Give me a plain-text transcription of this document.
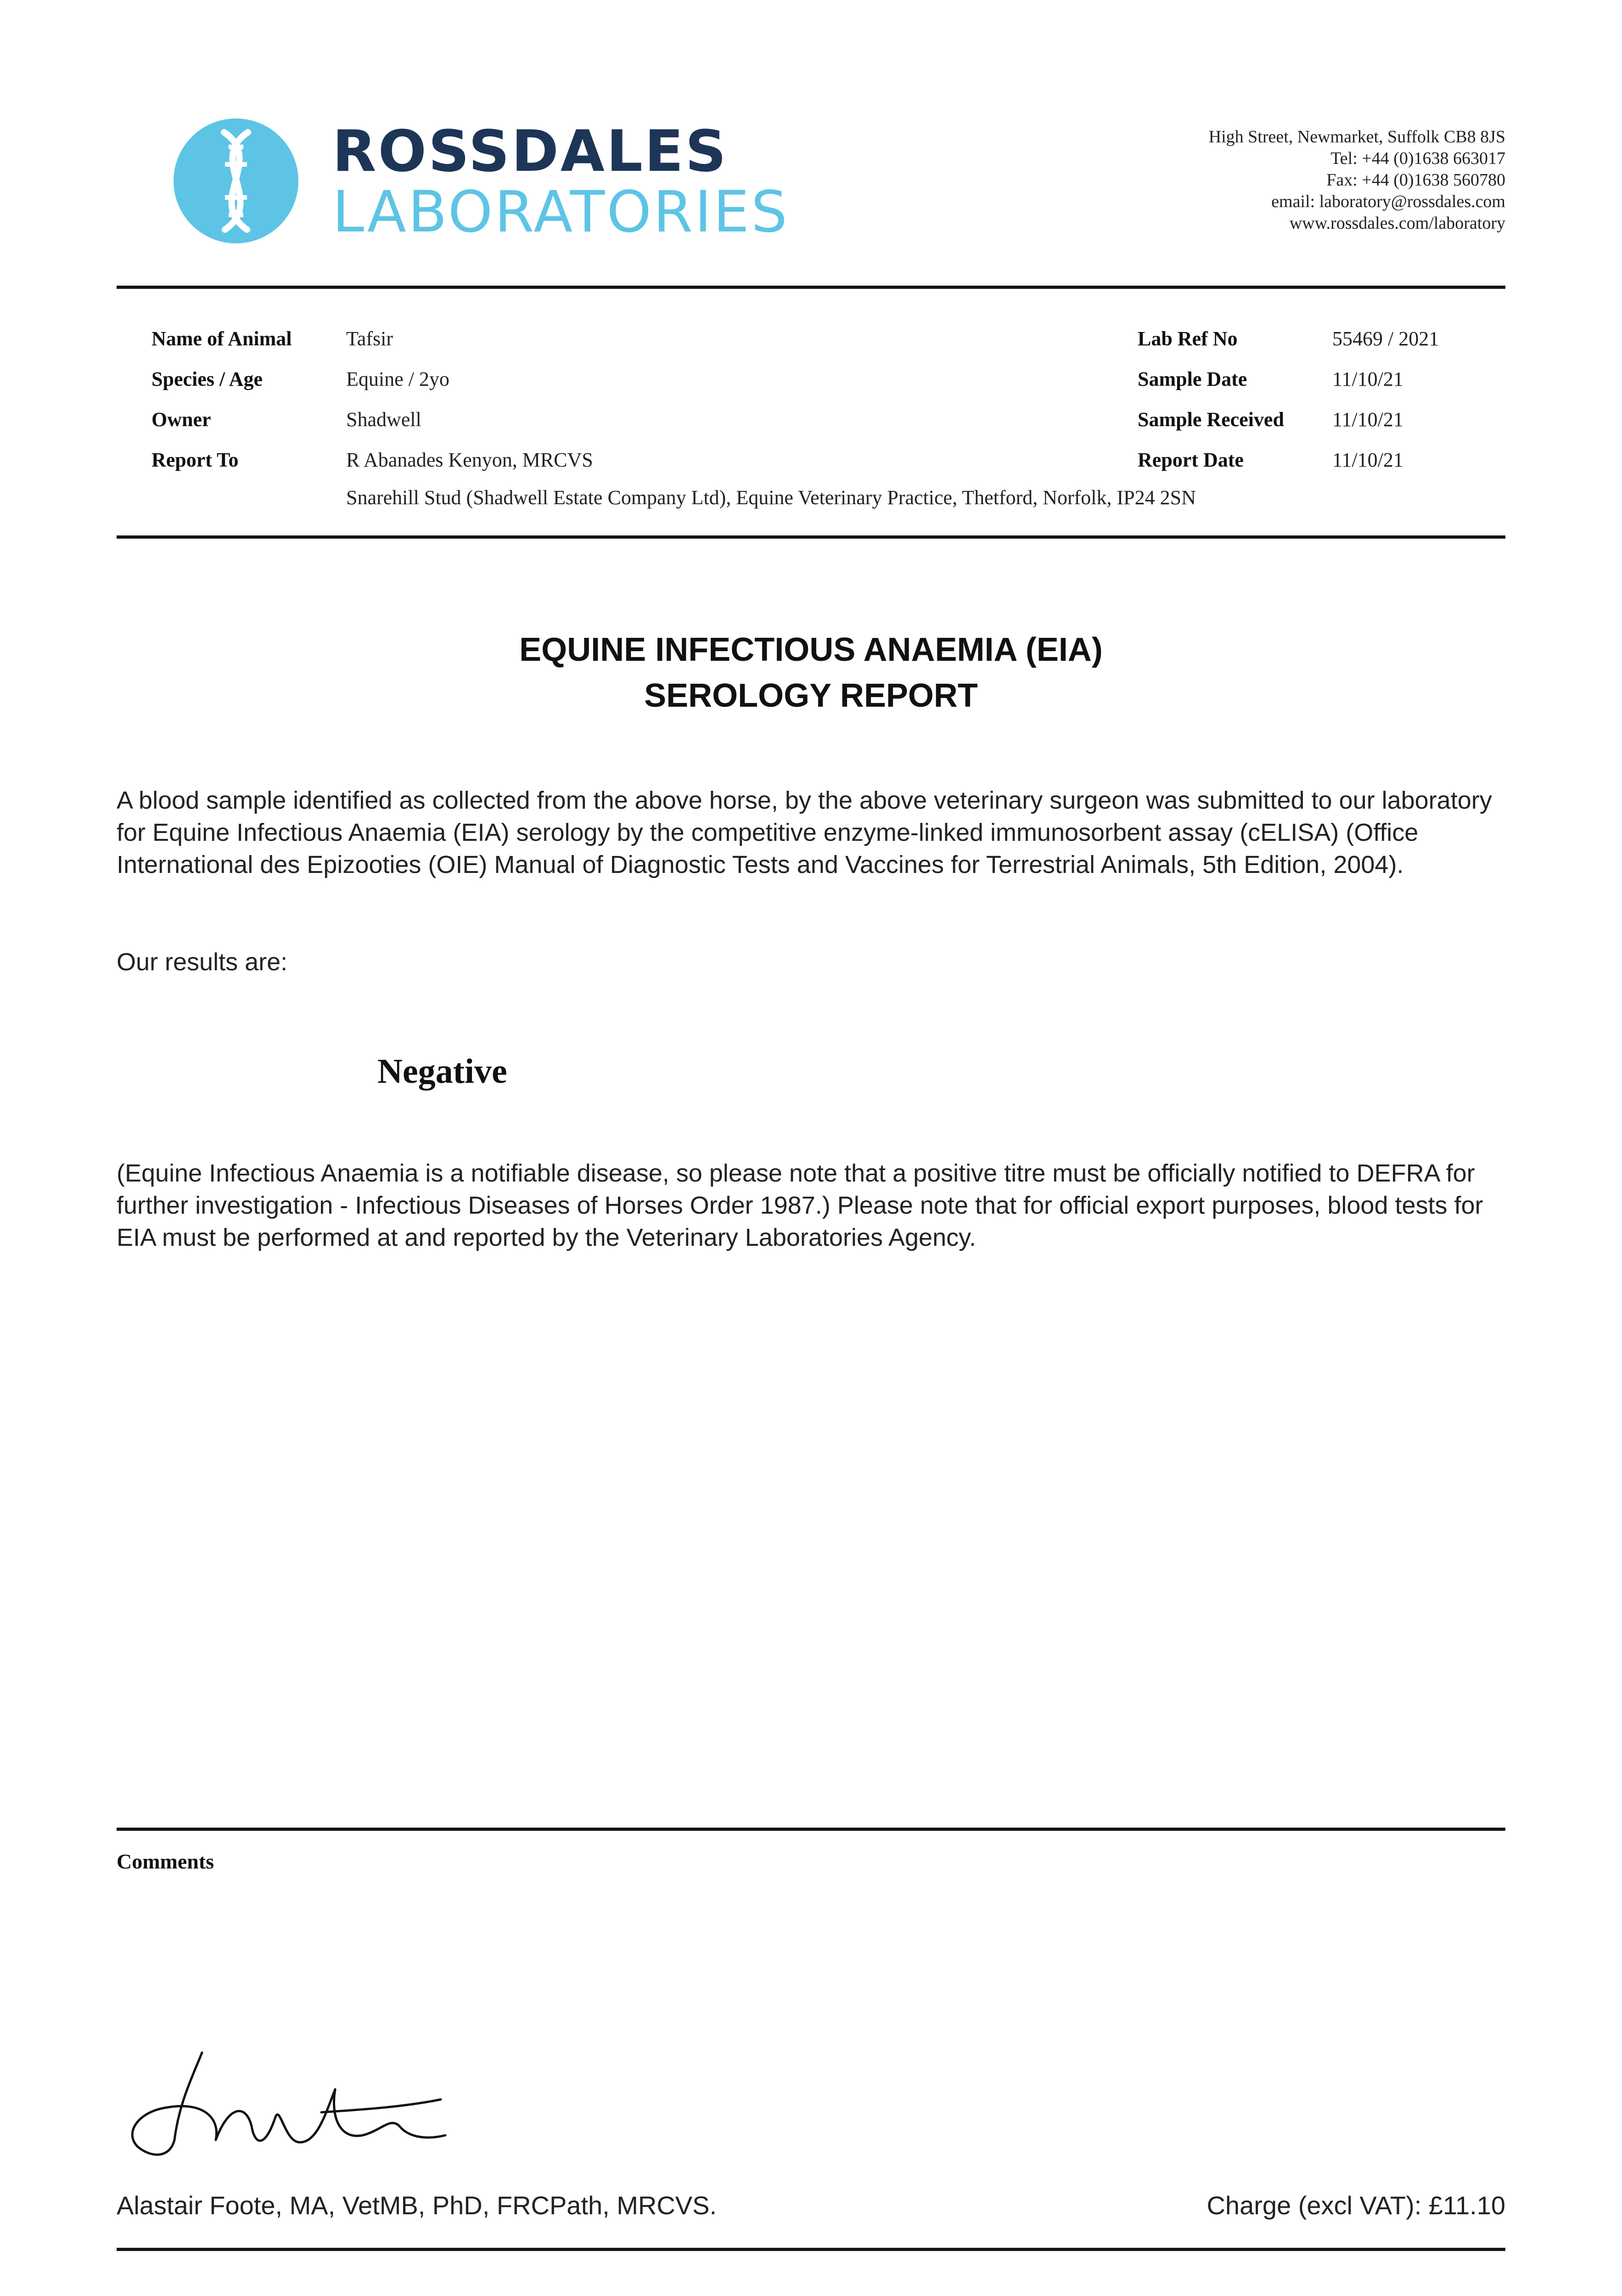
ROSSDALES
LABORATORIES
High Street, Newmarket, Suffolk CB8 8JS
Tel: +44 (0)1638 663017
Fax: +44 (0)1638 560780
email: laboratory@rossdales.com
www.rossdales.com/laboratory
Name of Animal	Tafsir
Species / Age	Equine / 2yo
Owner	Shadwell
Report To	R Abanades Kenyon, MRCVS
Snarehill Stud (Shadwell Estate Company Ltd), Equine Veterinary Practice, Thetford, Norfolk, IP24 2SN
Lab Ref No	55469 / 2021
Sample Date	11/10/21
Sample Received 11/10/21
Report Date	11/10/21
EQUINE INFECTIOUS ANAEMIA (EIA)
SEROLOGY REPORT
A blood sample identified as collected from the above horse, by the above veterinary surgeon was submitted to our laboratory for Equine Infectious Anaemia (EIA) serology by the competitive enzyme-linked immunosorbent assay (cELISA) (Office International des Epizooties (OIE) Manual of Diagnostic Tests and Vaccines for Terrestrial Animals, 5th Edition, 2004).
Our results are:
Negative
(Equine Infectious Anaemia is a notifiable disease, so please note that a positive titre must be officially notified to DEFRA for further investigation - Infectious Diseases of Horses Order 1987.) Please note that for official export purposes, blood tests for EIA must be performed at and reported by the Veterinary Laboratories Agency.
Comments
Alastair Foote, MA, VetMB, PhD, FRCPath, MRCVS.	Charge (excl VAT): £11.10
